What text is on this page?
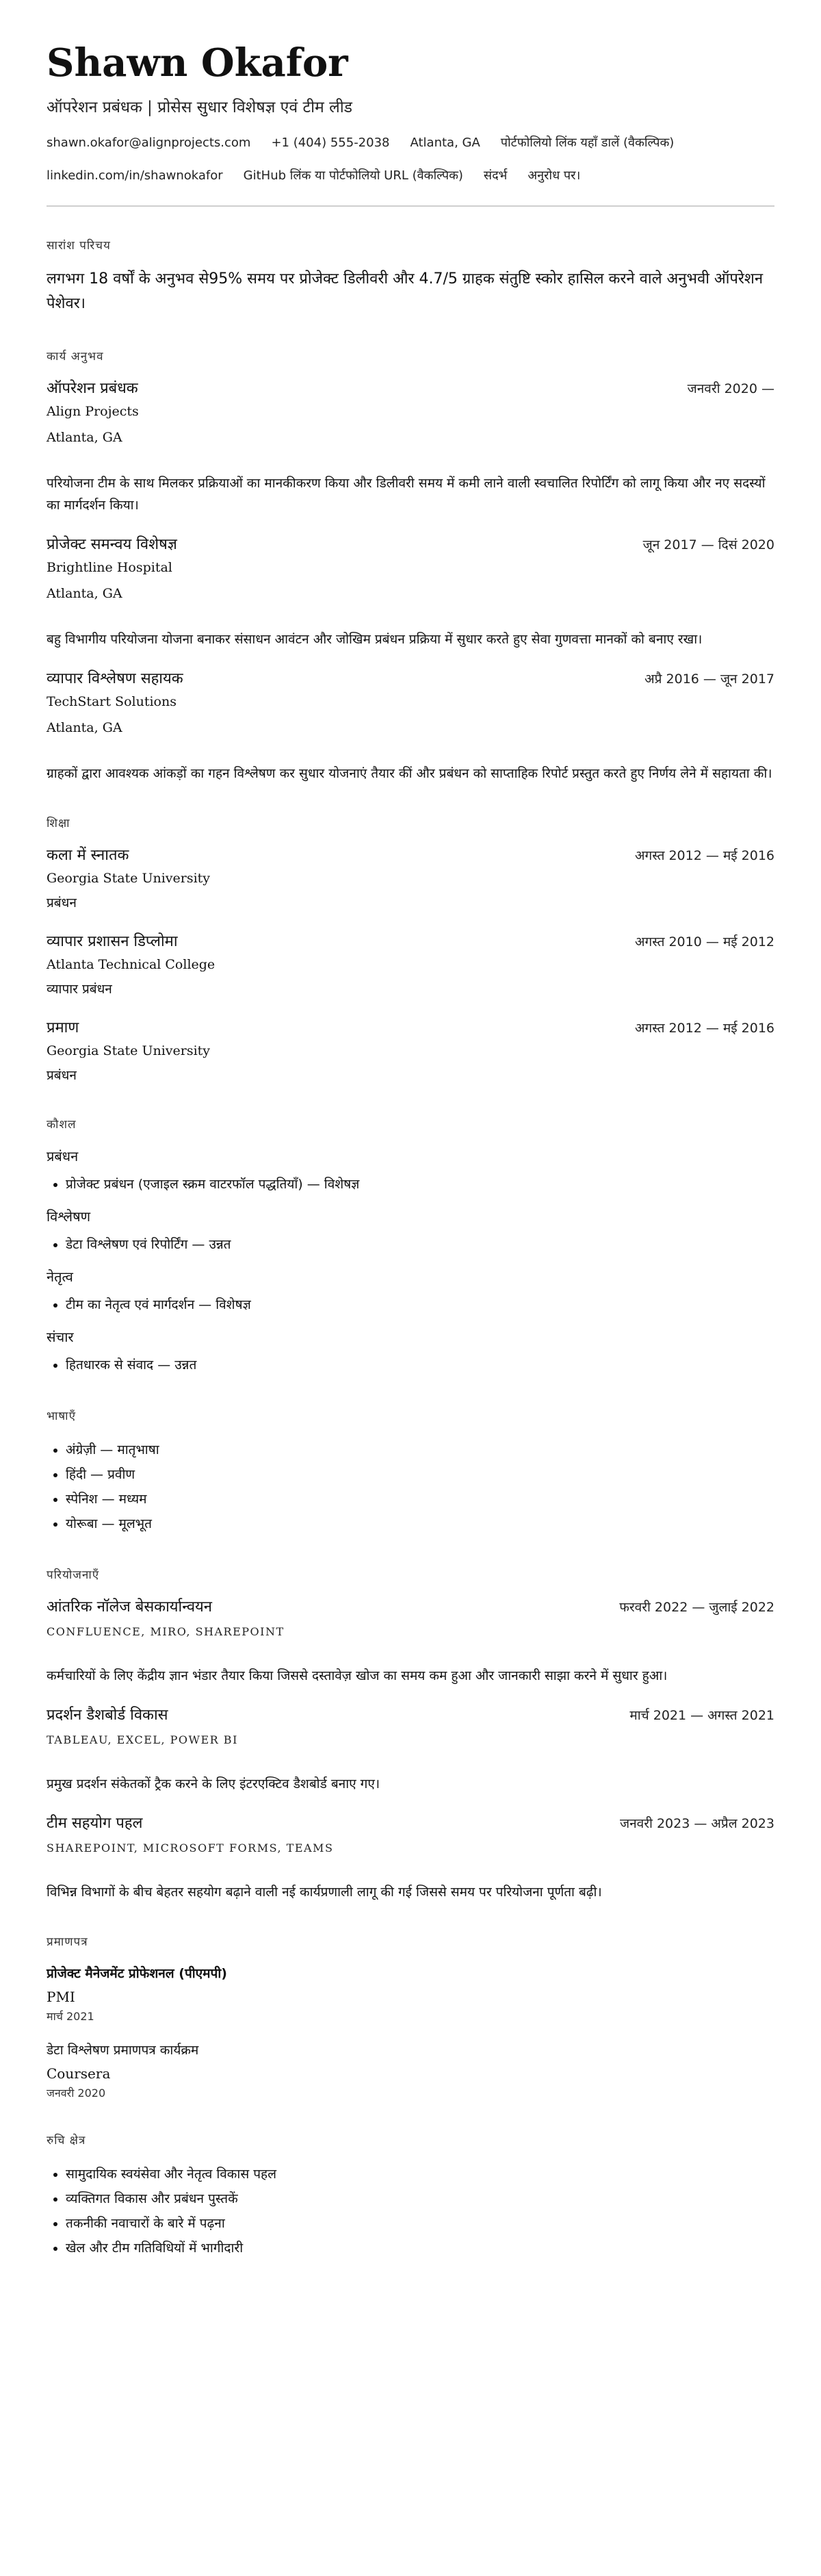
Shawn Okafor
ऑपरेशन प्रबंधक | प्रोसेस सुधार विशेषज्ञ एवं टीम लीड
shawn.okafor@alignprojects.com +1 (404) 555-2038 Atlanta, GA पोर्टफोलियो लिंक यहाँ डालें (वैकल्पिक)
linkedin.com/in/shawnokafor GitHub लिंक या पोर्टफोलियो URL (वैकल्पिक) संदर्भ अनुरोध पर।
सारांश परिचय

लगभग 18 वर्षों के अनुभव से95% समय पर प्रोजेक्ट डिलीवरी और 4.7/5 ग्राहक संतुष्टि स्कोर हासिल करने वाले अनुभवी ऑपरेशन पेशेवर।

कार्य अनुभव
ऑपरेशन प्रबंधक	जनवरी 2020 —
Align Projects
Atlanta, GA
परियोजना टीम के साथ मिलकर प्रक्रियाओं का मानकीकरण किया और डिलीवरी समय में कमी लाने वाली स्वचालित रिपोर्टिंग को लागू किया और नए सदस्यों का मार्गदर्शन किया।
प्रोजेक्ट समन्वय विशेषज्ञ	जून 2017 — दिसं 2020
Brightline Hospital
Atlanta, GA
बहु विभागीय परियोजना योजना बनाकर संसाधन आवंटन और जोखिम प्रबंधन प्रक्रिया में सुधार करते हुए सेवा गुणवत्ता मानकों को बनाए रखा।
व्यापार विश्लेषण सहायक	अप्रै 2016 — जून 2017
TechStart Solutions
Atlanta, GA
ग्राहकों द्वारा आवश्यक आंकड़ों का गहन विश्लेषण कर सुधार योजनाएं तैयार कीं और प्रबंधन को साप्ताहिक रिपोर्ट प्रस्तुत करते हुए निर्णय लेने में सहायता की।
शिक्षा
कला में स्नातक	अगस्त 2012 — मई 2016
Georgia State University
प्रबंधन
व्यापार प्रशासन डिप्लोमा	अगस्त 2010 — मई 2012
Atlanta Technical College
व्यापार प्रबंधन
प्रमाण	अगस्त 2012 — मई 2016
Georgia State University
प्रबंधन
कौशल
प्रबंधन
• प्रोजेक्ट प्रबंधन (एजाइल स्क्रम वाटरफॉल पद्धतियाँ) — विशेषज्ञ
विश्लेषण
• डेटा विश्लेषण एवं रिपोर्टिंग — उन्नत
नेतृत्व
• टीम का नेतृत्व एवं मार्गदर्शन — विशेषज्ञ
संचार
• हितधारक से संवाद — उन्नत
भाषाएँ
• अंग्रेज़ी — मातृभाषा
• हिंदी — प्रवीण
• स्पेनिश — मध्यम
• योरूबा — मूलभूत
परियोजनाएँ
आंतरिक नॉलेज बेसकार्यान्वयन	फरवरी 2022 — जुलाई 2022
CONFLUENCE, MIRO, SHAREPOINT
कर्मचारियों के लिए केंद्रीय ज्ञान भंडार तैयार किया जिससे दस्तावेज़ खोज का समय कम हुआ और जानकारी साझा करने में सुधार हुआ।
प्रदर्शन डैशबोर्ड विकास	मार्च 2021 — अगस्त 2021
TABLEAU, EXCEL, POWER BI
प्रमुख प्रदर्शन संकेतकों ट्रैक करने के लिए इंटरएक्टिव डैशबोर्ड बनाए गए।
टीम सहयोग पहल	जनवरी 2023 — अप्रैल 2023
SHAREPOINT, MICROSOFT FORMS, TEAMS
विभिन्न विभागों के बीच बेहतर सहयोग बढ़ाने वाली नई कार्यप्रणाली लागू की गई जिससे समय पर परियोजना पूर्णता बढ़ी।
प्रमाणपत्र
प्रोजेक्ट मैनेजमेंट प्रोफेशनल (पीएमपी)
PMI
मार्च 2021
डेटा विश्लेषण प्रमाणपत्र कार्यक्रम
Coursera
जनवरी 2020
रुचि क्षेत्र
• सामुदायिक स्वयंसेवा और नेतृत्व विकास पहल
• व्यक्तिगत विकास और प्रबंधन पुस्तकें
• तकनीकी नवाचारों के बारे में पढ़ना
• खेल और टीम गतिविधियों में भागीदारी
